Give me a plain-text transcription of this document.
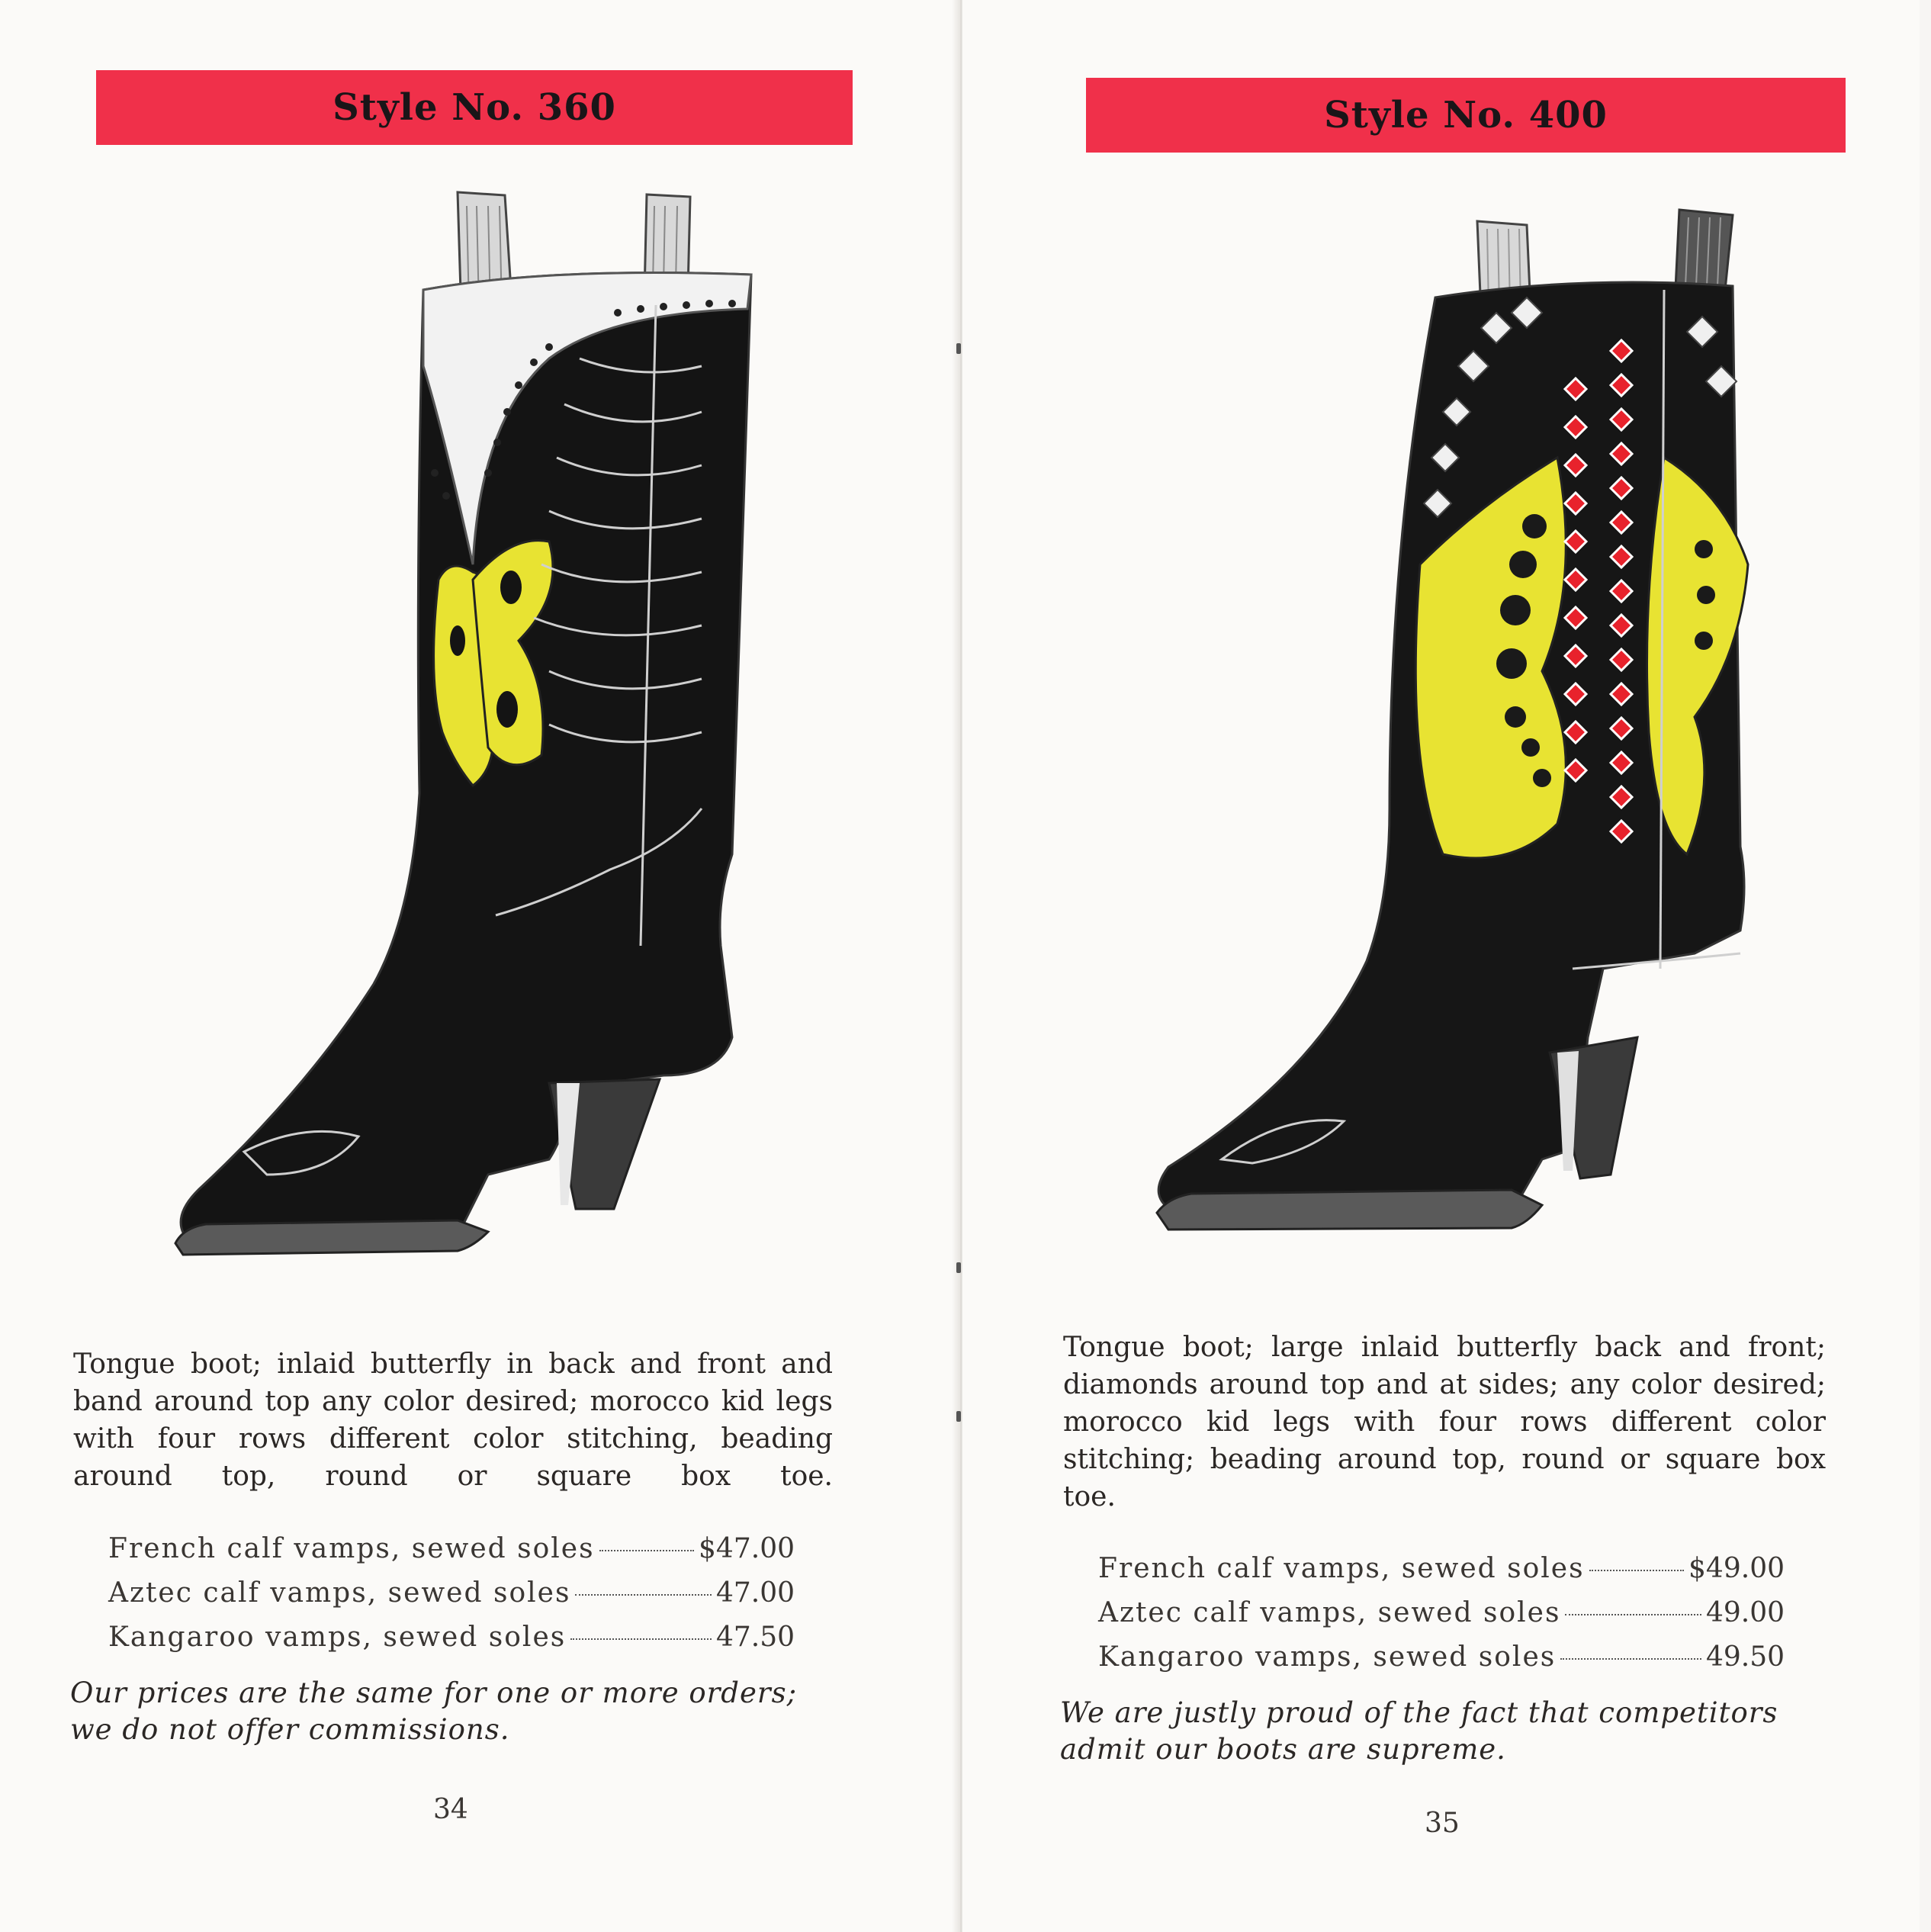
Style No. 360

Tongue boot; inlaid butterfly in back and front and band around top any color desired; morocco kid legs with four rows different color stitching, beading around top, round or square box toe.

French calf vamps, sewed soles	$47.00
Aztec calf vamps, sewed soles	47.00
Kangaroo vamps, sewed soles	47.50

Our prices are the same for one or more orders; we do not offer commissions.

34
Style No. 400

Tongue boot; large inlaid butterfly back and front; diamonds around top and at sides; any color desired; morocco kid legs with four rows different color stitching; beading around top, round or square box toe.

French calf vamps, sewed soles	$49.00
Aztec calf vamps, sewed soles	49.00
Kangaroo vamps, sewed soles	49.50

We are justly proud of the fact that competitors admit our boots are supreme.

35
